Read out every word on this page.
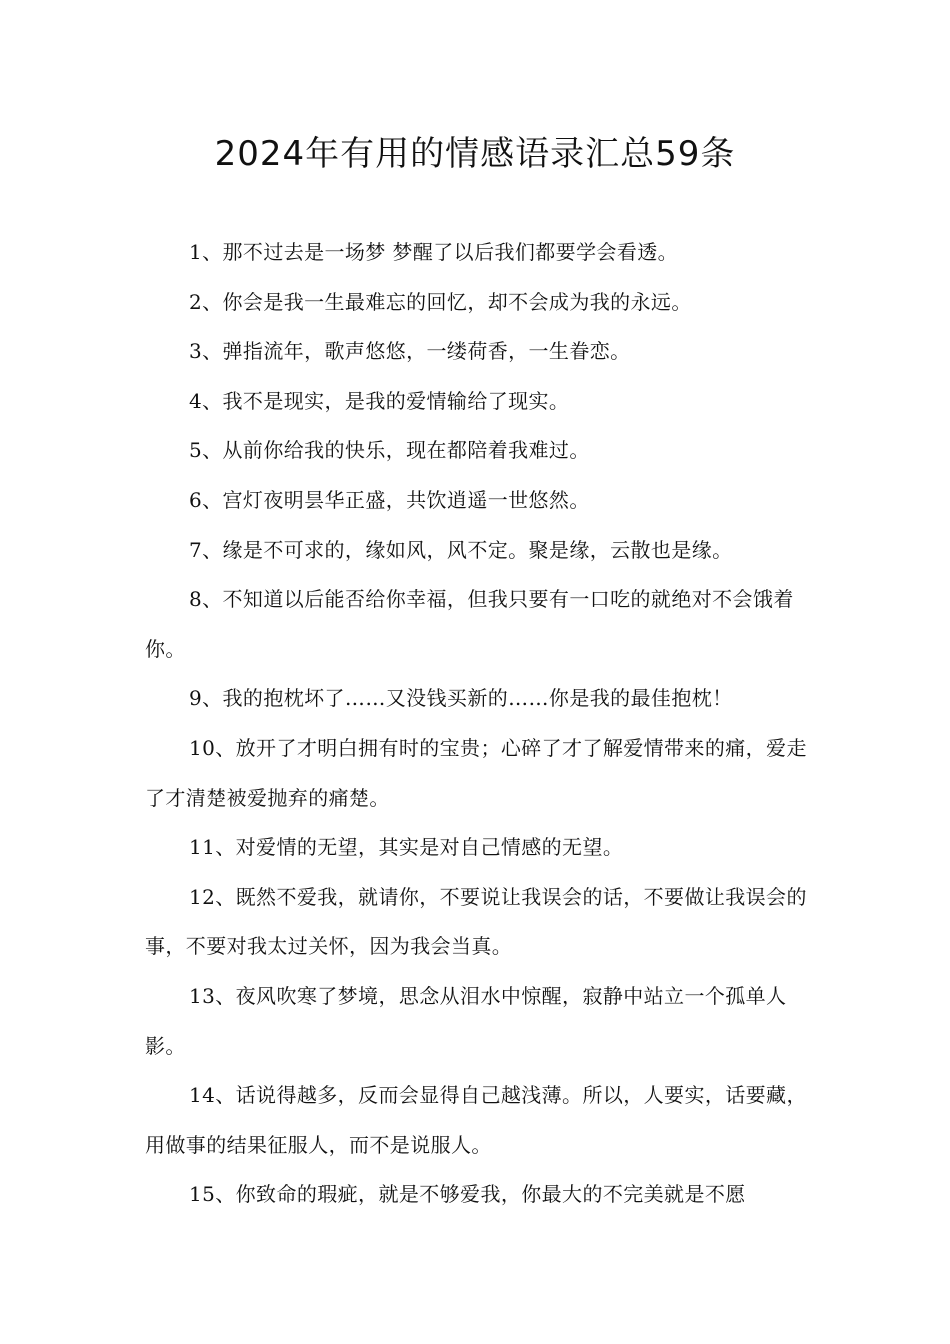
2024年有用的情感语录汇总59条

1、那不过去是一场梦 梦醒了以后我们都要学会看透。

2、你会是我一生最难忘的回忆，却不会成为我的永远。

3、弹指流年，歌声悠悠，一缕荷香，一生眷恋。

4、我不是现实，是我的爱情输给了现实。

5、从前你给我的快乐，现在都陪着我难过。

6、宫灯夜明昙华正盛，共饮逍遥一世悠然。

7、缘是不可求的，缘如风，风不定。聚是缘，云散也是缘。

8、不知道以后能否给你幸福，但我只要有一口吃的就绝对不会饿着你。

9、我的抱枕坏了……又没钱买新的……你是我的最佳抱枕！

10、放开了才明白拥有时的宝贵；心碎了才了解爱情带来的痛，爱走了才清楚被爱抛弃的痛楚。

11、对爱情的无望，其实是对自己情感的无望。

12、既然不爱我，就请你，不要说让我误会的话，不要做让我误会的事，不要对我太过关怀，因为我会当真。

13、夜风吹寒了梦境，思念从泪水中惊醒，寂静中站立一个孤单人影。

14、话说得越多，反而会显得自己越浅薄。所以，人要实，话要藏，用做事的结果征服人，而不是说服人。

15、你致命的瑕疵，就是不够爱我，你最大的不完美就是不愿
